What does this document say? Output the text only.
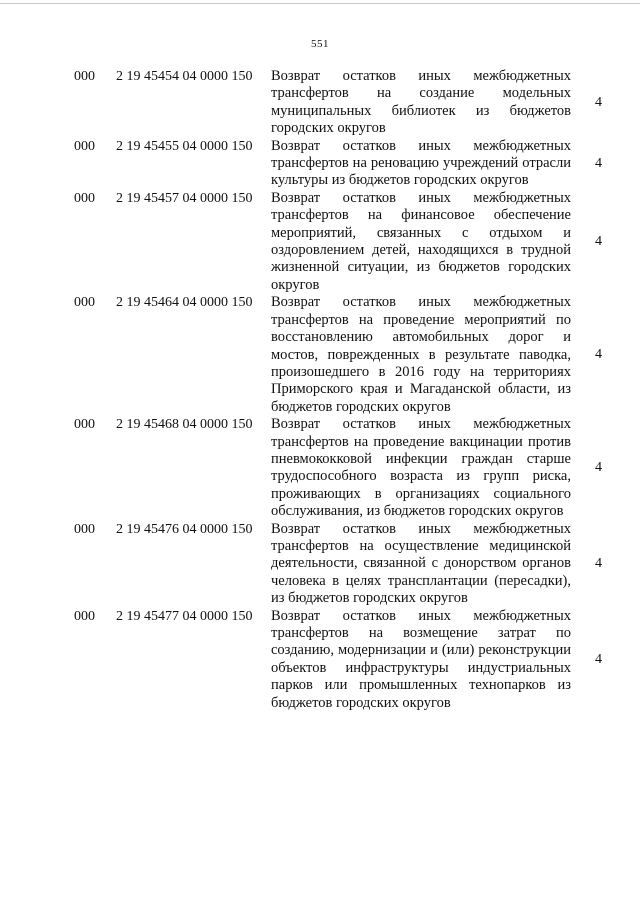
551
000 2 19 45454 04 0000 150 Возврат остатков иных межбюджетных трансфертов на создание модельных муниципальных библиотек из бюджетов городских округов
4
000 2 19 45455 04 0000 150 Возврат остатков иных межбюджетных трансфертов на реновацию учреждений отрасли культуры из бюджетов городских округов
4
000 2 19 45457 04 0000 150 Возврат остатков иных межбюджетных трансфертов на финансовое обеспечение мероприятий, связанных с отдыхом и оздоровлением детей, находящихся в трудной жизненной ситуации, из бюджетов городских округов
4
000 2 19 45464 04 0000 150 Возврат остатков иных межбюджетных трансфертов на проведение мероприятий по восстановлению автомобильных дорог и мостов, поврежденных в результате паводка, произошедшего в 2016 году на территориях Приморского края и Магаданской области, из бюджетов городских округов
4
000 2 19 45468 04 0000 150 Возврат остатков иных межбюджетных трансфертов на проведение вакцинации против пневмококковой инфекции граждан старше трудоспособного возраста из групп риска, проживающих в организациях социального обслуживания, из бюджетов городских округов
4
000 2 19 45476 04 0000 150 Возврат остатков иных межбюджетных трансфертов на осуществление медицинской деятельности, связанной с донорством органов человека в целях трансплантации (пересадки), из бюджетов городских округов
4
000 2 19 45477 04 0000 150 Возврат остатков иных межбюджетных трансфертов на возмещение затрат по созданию, модернизации и (или) реконструкции объектов инфраструктуры индустриальных парков или промышленных технопарков из бюджетов городских округов
4
